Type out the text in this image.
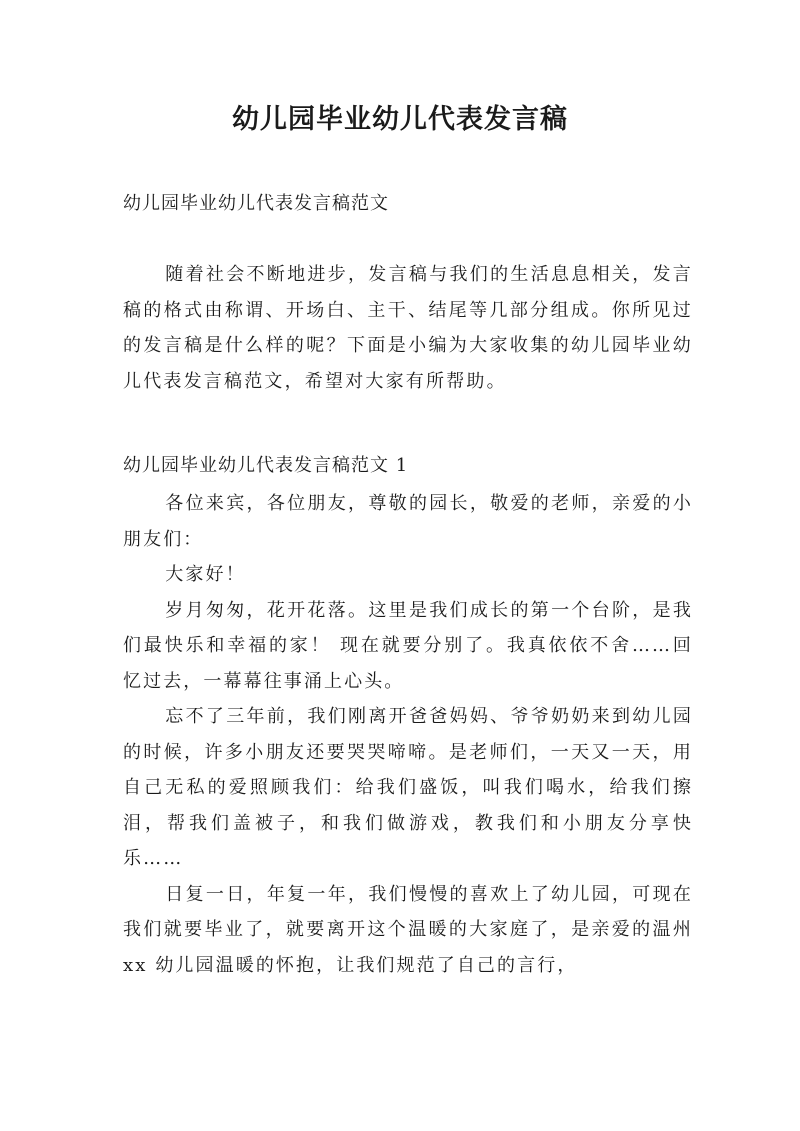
幼儿园毕业幼儿代表发言稿
幼儿园毕业幼儿代表发言稿范文

随着社会不断地进步，发言稿与我们的生活息息相关，发言稿的格式由称谓、开场白、主干、结尾等几部分组成。你所见过的发言稿是什么样的呢？下面是小编为大家收集的幼儿园毕业幼儿代表发言稿范文，希望对大家有所帮助。

幼儿园毕业幼儿代表发言稿范文 1

各位来宾，各位朋友，尊敬的园长，敬爱的老师，亲爱的小朋友们：

大家好！

岁月匆匆，花开花落。这里是我们成长的第一个台阶，是我们最快乐和幸福的家！ 现在就要分别了。我真依依不舍……回忆过去，一幕幕往事涌上心头。

忘不了三年前，我们刚离开爸爸妈妈、爷爷奶奶来到幼儿园的时候，许多小朋友还要哭哭啼啼。是老师们，一天又一天，用自己无私的爱照顾我们：给我们盛饭，叫我们喝水，给我们擦泪，帮我们盖被子，和我们做游戏，教我们和小朋友分享快乐……

日复一日，年复一年，我们慢慢的喜欢上了幼儿园，可现在我们就要毕业了，就要离开这个温暖的大家庭了，是亲爱的温州 xx 幼儿园温暖的怀抱，让我们规范了自己的言行，
